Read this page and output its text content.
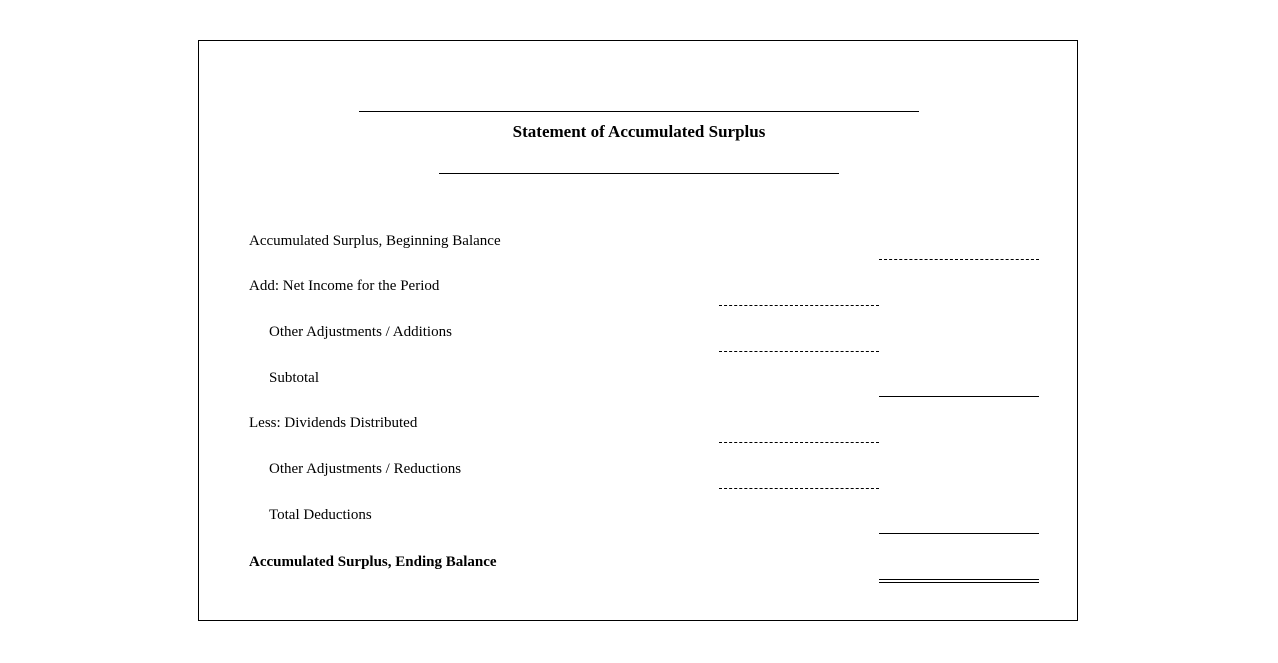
Statement of Accumulated Surplus
Accumulated Surplus, Beginning Balance
Add: Net Income for the Period
Other Adjustments / Additions
Subtotal
Less: Dividends Distributed
Other Adjustments / Reductions
Total Deductions
Accumulated Surplus, Ending Balance
